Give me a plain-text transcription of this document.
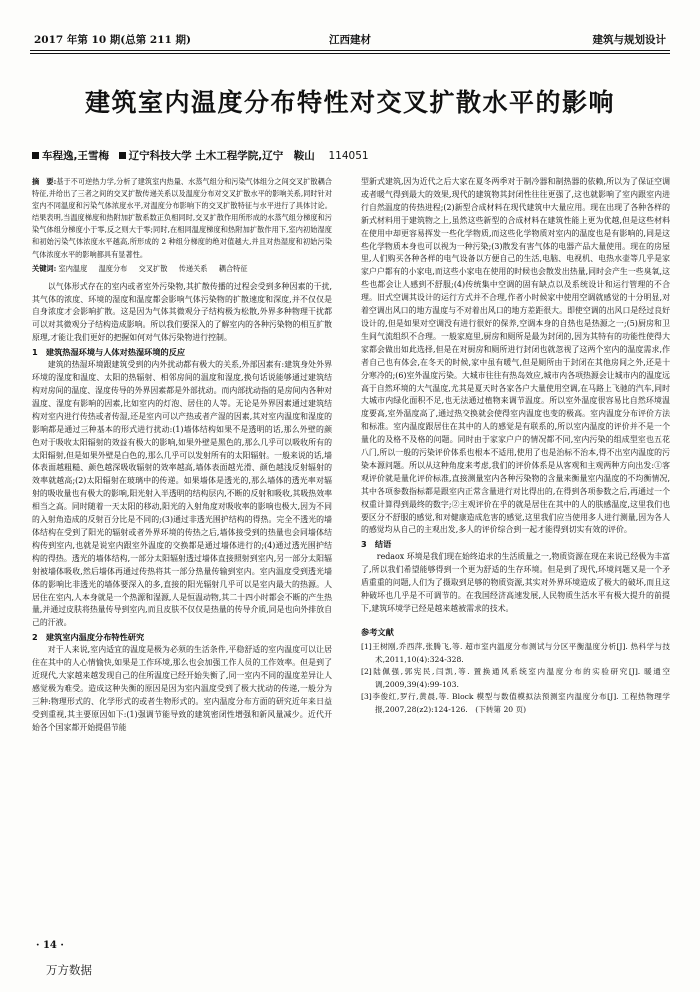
2017 年第 10 期(总第 211 期)	江西建材	建筑与规划设计
建筑室内温度分布特性对交叉扩散水平的影响
车程逸,王雪梅 辽宁科技大学 土木工程学院,辽宁　鞍山 114051
摘　要:基于不可逆热力学,分析了建筑室内热量、水蒸气组分和污染气体组分之间交叉扩散耦合特征,并给出了三者之间的交叉扩散传递关系以及温度分布对交叉扩散水平的影响关系,同时针对室内不同温度和污染气体浓度水平,对温度分布影响下的交叉扩散特征与水平进行了具体讨论。结果表明,当温度梯度和热附加扩散系数正负相同时,交叉扩散作用所形成的水蒸气组分梯度和污染气体组分梯度小于零,反之则大于零;同时,在相同温度梯度和热附加扩散作用下,室内初始湿度和初始污染气体浓度水平越高,所形成的 2 种组分梯度的绝对值越大,并且对热湿度和初始污染气体浓度水平的影响都具有显著性。
关键词: 室内温度 温度分布 交叉扩散 传递关系 耦合特征

以气体形式存在的室内或者室外污染物,其扩散传播的过程会受到多种因素的干扰,其气体的浓度、环境的湿度和温度都会影响气体污染物的扩散速度和深度,并不仅仅是自身浓度才会影响扩散。这是因为气体其微观分子结构极为松散,外界多种物理干扰都可以对其微观分子结构造成影响。所以我们要深入的了解室内的各种污染物的相互扩散原理,才能让我们更好的把握如何对气体污染物进行控制。

1　建筑热湿环境与人体对热湿环境的反应

建筑的热湿环境跟建筑受到的内外扰动都有极大的关系,外部因素有:建筑身处外界环境的湿度和温度、太阳的热辐射、相邻房间的温度和湿度,换句话说能够通过建筑结构对房间的温度、湿度传导的外界因素都是外部扰动。而内部扰动指的是房间内各种对温度、湿度有影响的因素,比如室内的灯泡、居住的人等。无论是外界因素通过建筑结构对室内进行传热或者传湿,还是室内可以产热或者产湿的因素,其对室内温度和湿度的影响都是通过三种基本的形式进行扰动:(1)墙体结构如果不是透明的话,那么外壁的颜色对于吸收太阳辐射的效益有极大的影响,如果外壁是黑色的,那么几乎可以吸收所有的太阳辐射,但是如果外壁是白色的,那么几乎可以发射所有的太阳辐射。一般来说的话,墙体表面越粗糙、颜色越深吸收辐射的效率越高,墙体表面越光滑、颜色越浅反射辐射的效率就越高;(2)太阳辐射在玻璃中的传递。如果墙体是透光的,那么墙体的透光率对辐射的吸收量也有极大的影响,阳光射入半透明的结构层内,不断的反射和吸收,其吸热效率相当之高。同时随着一天太阳的移动,阳光的入射角度对吸收率的影响也极大,因为不同的入射角造成的反射百分比是不同的;(3)通过非透光围护结构的得热。完全不透光的墙体结构在受到了阳光的辐射或者外界环境的传热之后,墙体接受到的热量也会同墙体结构传到室内,也就是说室内跟室外温度的交换都是通过墙体进行的;(4)通过透光围护结构的得热。透光的墙体结构,一部分太阳辐射透过墙体直接照射到室内,另一部分太阳辐射被墙体吸收,然后墙体再通过传热将其一部分热量传输到室内。室内温度受到透光墙体的影响比非透光的墙体要深入的多,直接的阳光辐射几乎可以是室内最大的热源。人居住在室内,人本身就是一个热源和湿源,人是恒温动物,其二十四小时都会不断的产生热量,并通过皮肤将热量传导到室内,而且皮肤不仅仅是热量的传导介质,同是也向外排放自己的汗液。

2　建筑室内温度分布特性研究

对于人来说,室内适宜的温度是极为必须的生活条件,平稳舒适的室内温度可以让居住在其中的人心情愉快,如果是工作环境,那么也会加强工作人员的工作效率。但是到了近现代,大家越来越发现自己的住所温度已经开始失衡了,同一室内不同的温度差异让人感觉极为难受。造成这种失衡的原因是因为室内温度受到了极大扰动的传递,一般分为三种:物理形式的、化学形式的或者生物形式的。室内温度分布方面的研究近年来日益受到重视,其主要原因如下:(1)强调节能导致的建筑密闭性增强和新风量减少。近代开始各个国家都开始提倡节能

型新式建筑,因为近代之后大家在夏冬两季对于制冷器和制热器的依赖,所以为了保证空调或者暖气得到最大的效果,现代的建筑物其封闭性往往更强了,这也就影响了室内跟室内进行自然温度的传热进程;(2)新型合成材料在现代建筑中大量应用。现在出现了各种各样的新式材料用于建筑物之上,虽然这些新型的合成材料在建筑性能上更为优越,但是这些材料在使用中却更容易挥发一些化学物质,而这些化学物质对室内的温度也是有影响的,同是这些化学物质本身也可以视为一种污染;(3)散发有害气体的电器产品大量使用。现在的房屋里,人们购买各种各样的电气设备以方便自己的生活,电脑、电视机、电热水壶等几乎是家家户户都有的小家电,而这些小家电在使用的时候也会散发出热量,同时会产生一些臭氧,这些也都会让人感到不舒服;(4)传统集中空调的固有缺点以及系统设计和运行管理的不合理。旧式空调其设计的运行方式并不合理,作者小时候家中使用空调就感觉的十分明显,对着空调出风口的地方温度与不对着出风口的地方差距很大。即使空调的出风口是经过良好设计的,但是如果对空调没有进行很好的保养,空调本身的自热也是热源之一;(5)厨房和卫生间气流组织不合理。一般家庭里,厨房和厕所是最为封闭的,因为其特有的功能性使得大家都会做出如此选择,但是在对厨房和厕所进行封闭也就忽视了这两个室内的温度需求,作者自己也有体会,在冬天的时候,家中虽有暖气,但是厕所由于封闭在其他房间之外,还是十分寒冷的;(6)室外温度污染。大城市往往有热岛效应,城市内各项热源会让城市内的温度远高于自然环境的大气温度,尤其是夏天时各家各户大量使用空调,在马路上飞驰的汽车,同时大城市内绿化面积不足,也无法通过植物来调节温度。所以室外温度很容易比自然环境温度要高,室外温度高了,通过热交换就会使得室内温度也变的极高。室内温度分布评价方法和标准。室内温度跟居住在其中的人的感觉是有联系的,所以室内温度的评价并不是一个量化的及格不及格的问题。同时由于家家户户的情况都不同,室内污染的组成型室也五花八门,所以一般的污染评价体系也根本不适用,使用了也是治标不治本,得不出室内温度的污染本源问题。所以从这种角度来考虑,我们的评价体系是从客观和主观两种方向出发:①客观评价就是量化评价标准,直接测量室内各种污染物的含量来衡量室内温度的不均衡情况,其中各项参数指标都是跟室内正常含量进行对比得出的,在得到各项参数之后,再通过一个权重计算得到最终的数字;②主观评价在乎的就是居住在其中的人的肤感温度,这里我们也要区分不舒服的感觉,和对健康造成危害的感觉,这里我们应当使用多人进行测量,因为各人的感觉均从自己的主观出发,多人的评价综合到一起才能得到切实有效的评价。

3　结语

redaox 环境是我们现在始终追求的生活质量之一,物质资源在现在来说已经极为丰富了,所以我们希望能够得到一个更为舒适的生存环境。但是到了现代,环境问题又是一个矛盾重重的问题,人们为了摄取到足够的物质资源,其实对外界环境造成了极大的破坏,而且这种破坏也几乎是不可调节的。在我国经济高速发展,人民物质生活水平有极大提升的前提下,建筑环境学已经是越来越被需求的技术。

参考文献
[1]王树刚,乔西萍,张腾飞,等. 超市室内温度分布测试与分区平衡温度分析[J]. 热科学与技术,2011,10(4):324-328.
[2]陆佩强,郭宪民,闫凯,等. 置换通风系统室内温度分布的实验研究[J]. 暖通空调,2009,39(4):99-103.
[3]李俊红,罗行,黄晨,等. Block 模型与数值模拟法预测室内温度分布[J]. 工程热物理学报,2007,28(z2):124-126.　(下转第 20 页)
· 14 ·
万方数据
